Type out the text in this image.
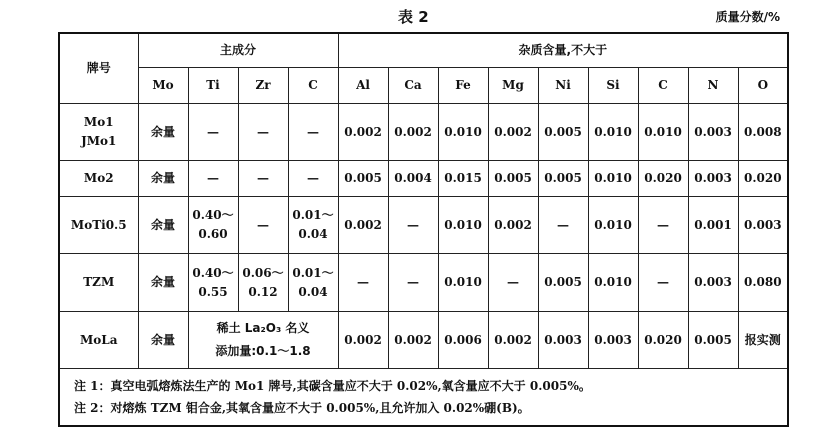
表 2	质量分数/%
牌号	主成分				杂质含量,不大于								
	Mo	Ti	Zr	C	Al	Ca	Fe	Mg	Ni	Si	C	N	O
Mo1
JMo1	余量	—	—	—	0.002	0.002	0.010	0.002	0.005	0.010	0.010	0.003	0.008
Mo2	余量	—	—	—	0.005	0.004	0.015	0.005	0.005	0.010	0.020	0.003	0.020
MoTi0.5	余量	0.40～
0.60	—	0.01～
0.04	0.002	—	0.010	0.002	—	0.010	—	0.001	0.003
TZM	余量	0.40～
0.55	0.06～
0.12	0.01～
0.04	—	—	0.010	—	0.005	0.010	—	0.003	0.080
MoLa	余量	稀土 La₂O₃ 名义
添加量:0.1～1.8			0.002	0.002	0.006	0.002	0.003	0.003	0.020	0.005	报实测

注 1：真空电弧熔炼法生产的 Mo1 牌号,其碳含量应不大于 0.02%,氧含量应不大于 0.005%。
注 2：对熔炼 TZM 钼合金,其氧含量应不大于 0.005%,且允许加入 0.02%硼(B)。													
